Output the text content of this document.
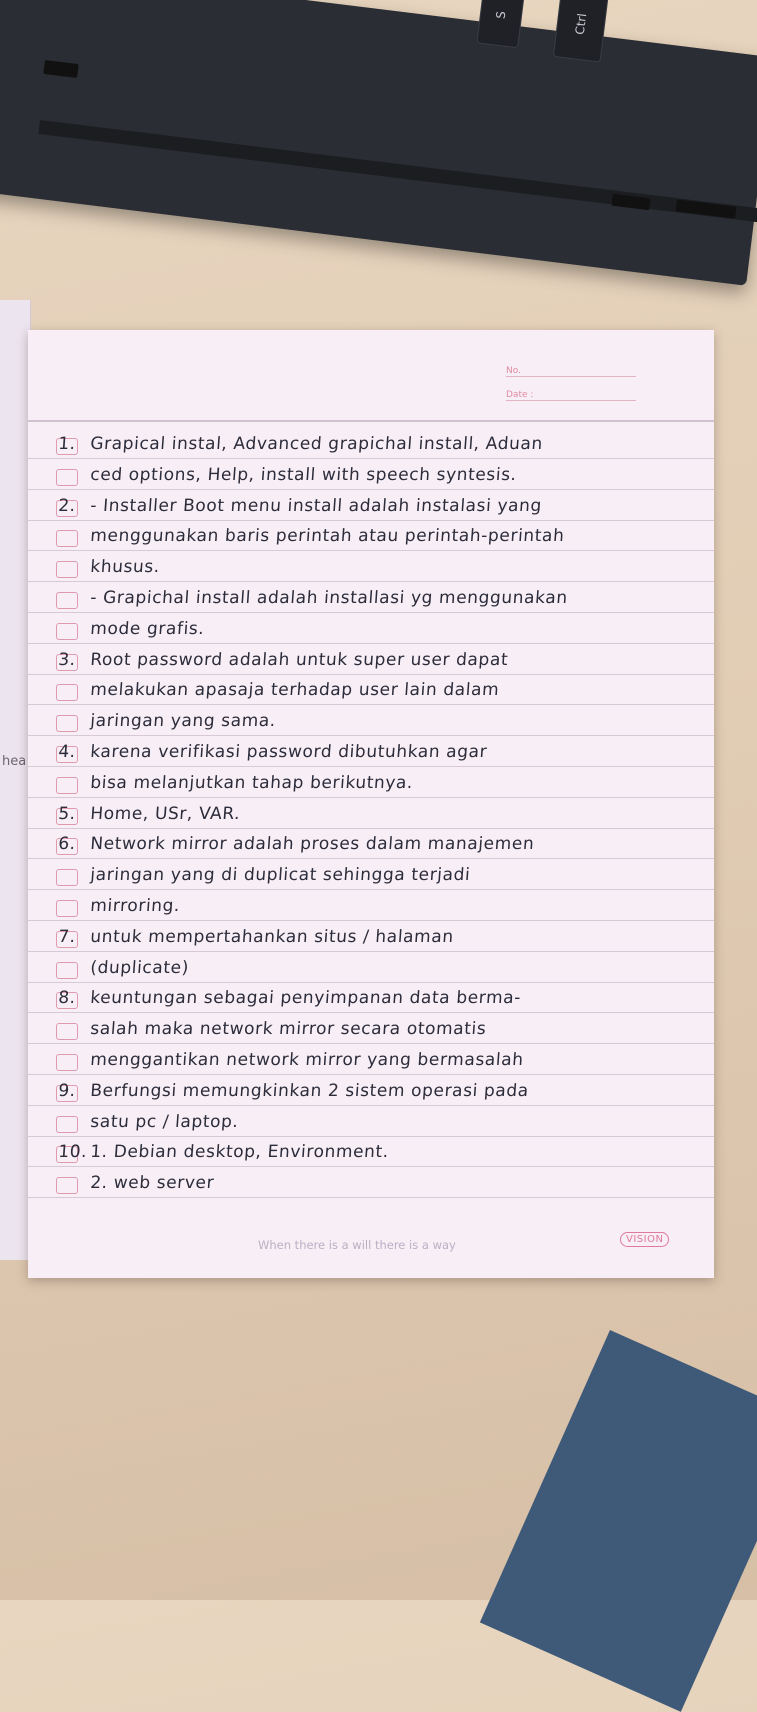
S	Ctrl
hea
No.
Date :
1. Grapical instal, Advanced grapichal install, Aduan
ced options, Help, install with speech syntesis.
2. - Installer Boot menu install adalah instalasi yang
menggunakan baris perintah atau perintah-perintah
khusus.
- Grapichal install adalah installasi yg menggunakan
mode grafis.
3. Root password adalah untuk super user dapat
melakukan apasaja terhadap user lain dalam
jaringan yang sama.
4. karena verifikasi password dibutuhkan agar
bisa melanjutkan tahap berikutnya.
5. Home, USr, VAR.
6. Network mirror adalah proses dalam manajemen
jaringan yang di duplicat sehingga terjadi
mirroring.
7. untuk mempertahankan situs / halaman
(duplicate)
8. keuntungan sebagai penyimpanan data berma-
salah maka network mirror secara otomatis
menggantikan network mirror yang bermasalah
9. Berfungsi memungkinkan 2 sistem operasi pada
satu pc / laptop.
10. 1. Debian desktop, Environment.
2. web server
When there is a will there is a way	VISION
